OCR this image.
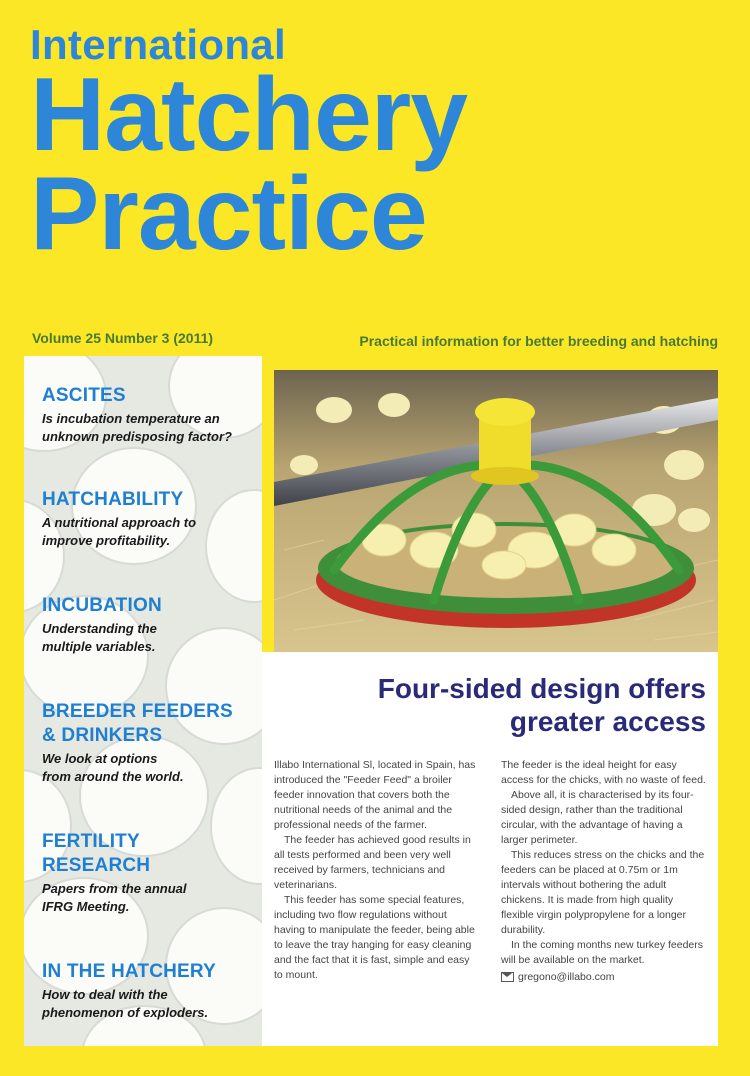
International
Hatchery
Practice
Volume 25 Number 3 (2011)	Practical information for better breeding and hatching
ASCITES
Is incubation temperature an
unknown predisposing factor?
HATCHABILITY
A nutritional approach to
improve profitability.
INCUBATION
Understanding the
multiple variables.
BREEDER FEEDERS
& DRINKERS
We look at options
from around the world.
FERTILITY
RESEARCH
Papers from the annual
IFRG Meeting.
IN THE HATCHERY
How to deal with the
phenomenon of exploders.
Four-sided design offers
greater access

Illabo International Sl, located in Spain, has introduced the "Feeder Feed" a broiler feeder innovation that covers both the nutritional needs of the animal and the professional needs of the farmer.

The feeder has achieved good results in all tests performed and been very well received by farmers, technicians and veterinarians.

This feeder has some special features, including two flow regulations without having to manipulate the feeder, being able to leave the tray hanging for easy cleaning and the fact that it is fast, simple and easy to mount.

The feeder is the ideal height for easy access for the chicks, with no waste of feed.

Above all, it is characterised by its four-sided design, rather than the traditional circular, with the advantage of having a larger perimeter.

This reduces stress on the chicks and the feeders can be placed at 0.75m or 1m intervals without bothering the adult chickens. It is made from high quality flexible virgin polypropylene for a longer durability.

In the coming months new turkey feeders will be available on the market.

gregono@illabo.com
